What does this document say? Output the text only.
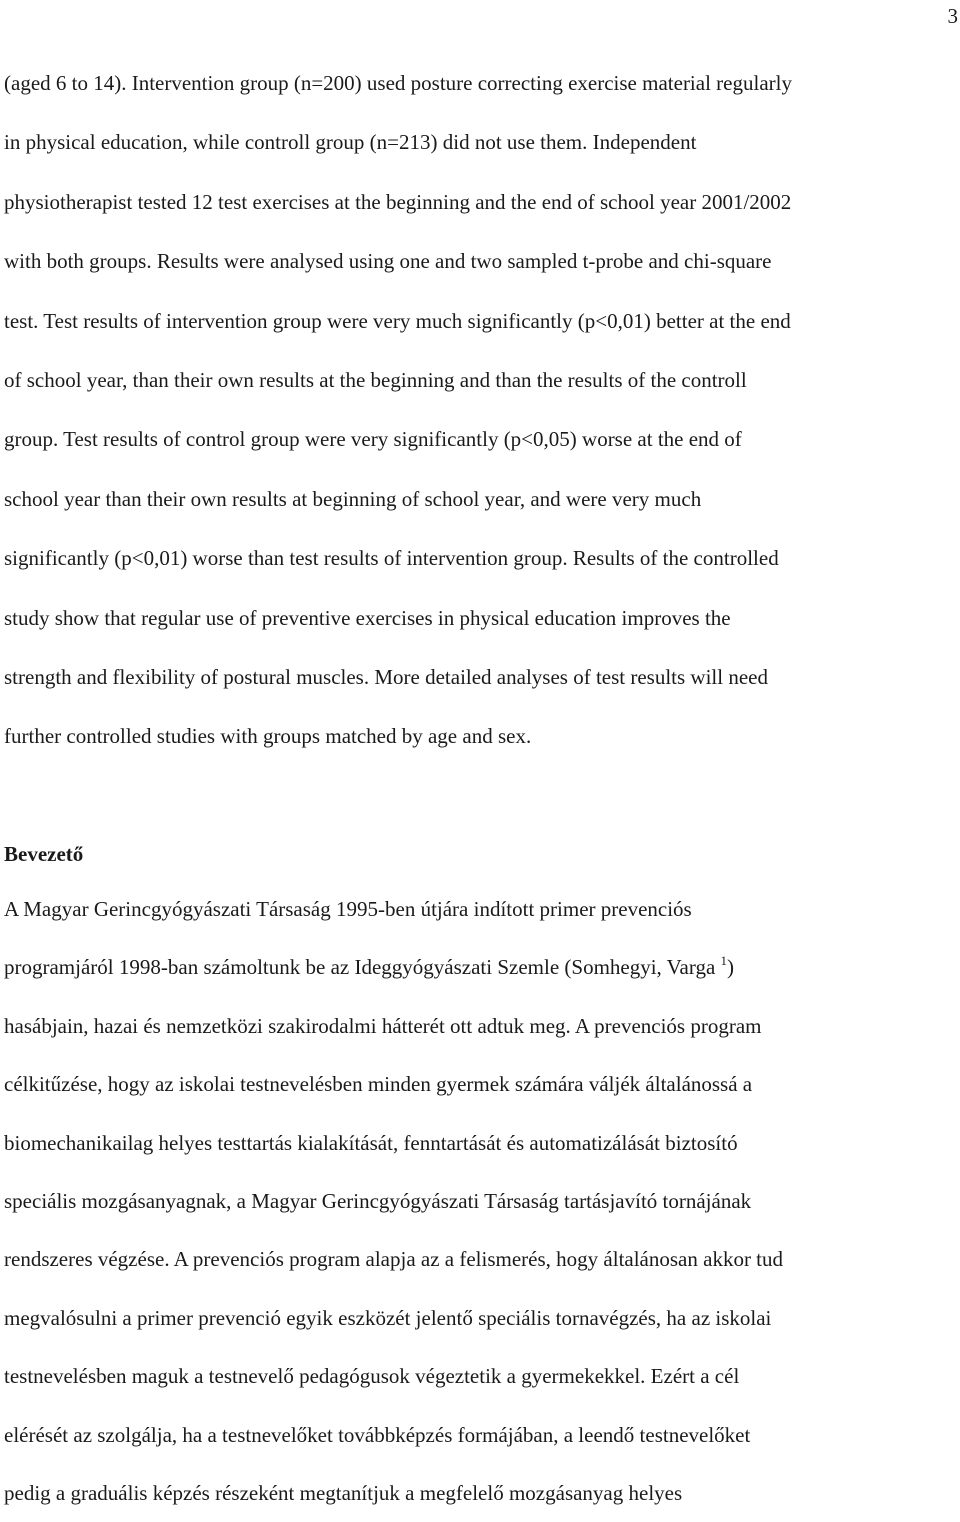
3

(aged 6 to 14). Intervention group (n=200) used posture correcting exercise material regularly
in physical education, while controll group (n=213) did not use them. Independent
physiotherapist tested 12 test exercises at the beginning and the end of school year 2001/2002
with both groups. Results were analysed using one and two sampled t-probe and chi-square
test. Test results of intervention group were very much significantly (p<0,01) better at the end
of school year, than their own results at the beginning and than the results of the controll
group. Test results of control group were very significantly (p<0,05) worse at the end of
school year than their own results at beginning of school year, and were very much
significantly (p<0,01) worse than test results of intervention group. Results of the controlled
study show that regular use of preventive exercises in physical education improves the
strength and flexibility of postural muscles. More detailed analyses of test results will need
further controlled studies with groups matched by age and sex.

Bevezető

A Magyar Gerincgyógyászati Társaság 1995-ben útjára indított primer prevenciós
programjáról 1998-ban számoltunk be az Ideggyógyászati Szemle (Somhegyi, Varga $^1$)
hasábjain, hazai és nemzetközi szakirodalmi hátterét ott adtuk meg. A prevenciós program
célkitűzése, hogy az iskolai testnevelésben minden gyermek számára váljék általánossá a
biomechanikailag helyes testtartás kialakítását, fenntartását és automatizálását biztosító
speciális mozgásanyagnak, a Magyar Gerincgyógyászati Társaság tartásjavító tornájának
rendszeres végzése. A prevenciós program alapja az a felismerés, hogy általánosan akkor tud
megvalósulni a primer prevenció egyik eszközét jelentő speciális tornavégzés, ha az iskolai
testnevelésben maguk a testnevelő pedagógusok végeztetik a gyermekekkel. Ezért a cél
elérését az szolgálja, ha a testnevelőket továbbképzés formájában, a leendő testnevelőket
pedig a graduális képzés részeként megtanítjuk a megfelelő mozgásanyag helyes
